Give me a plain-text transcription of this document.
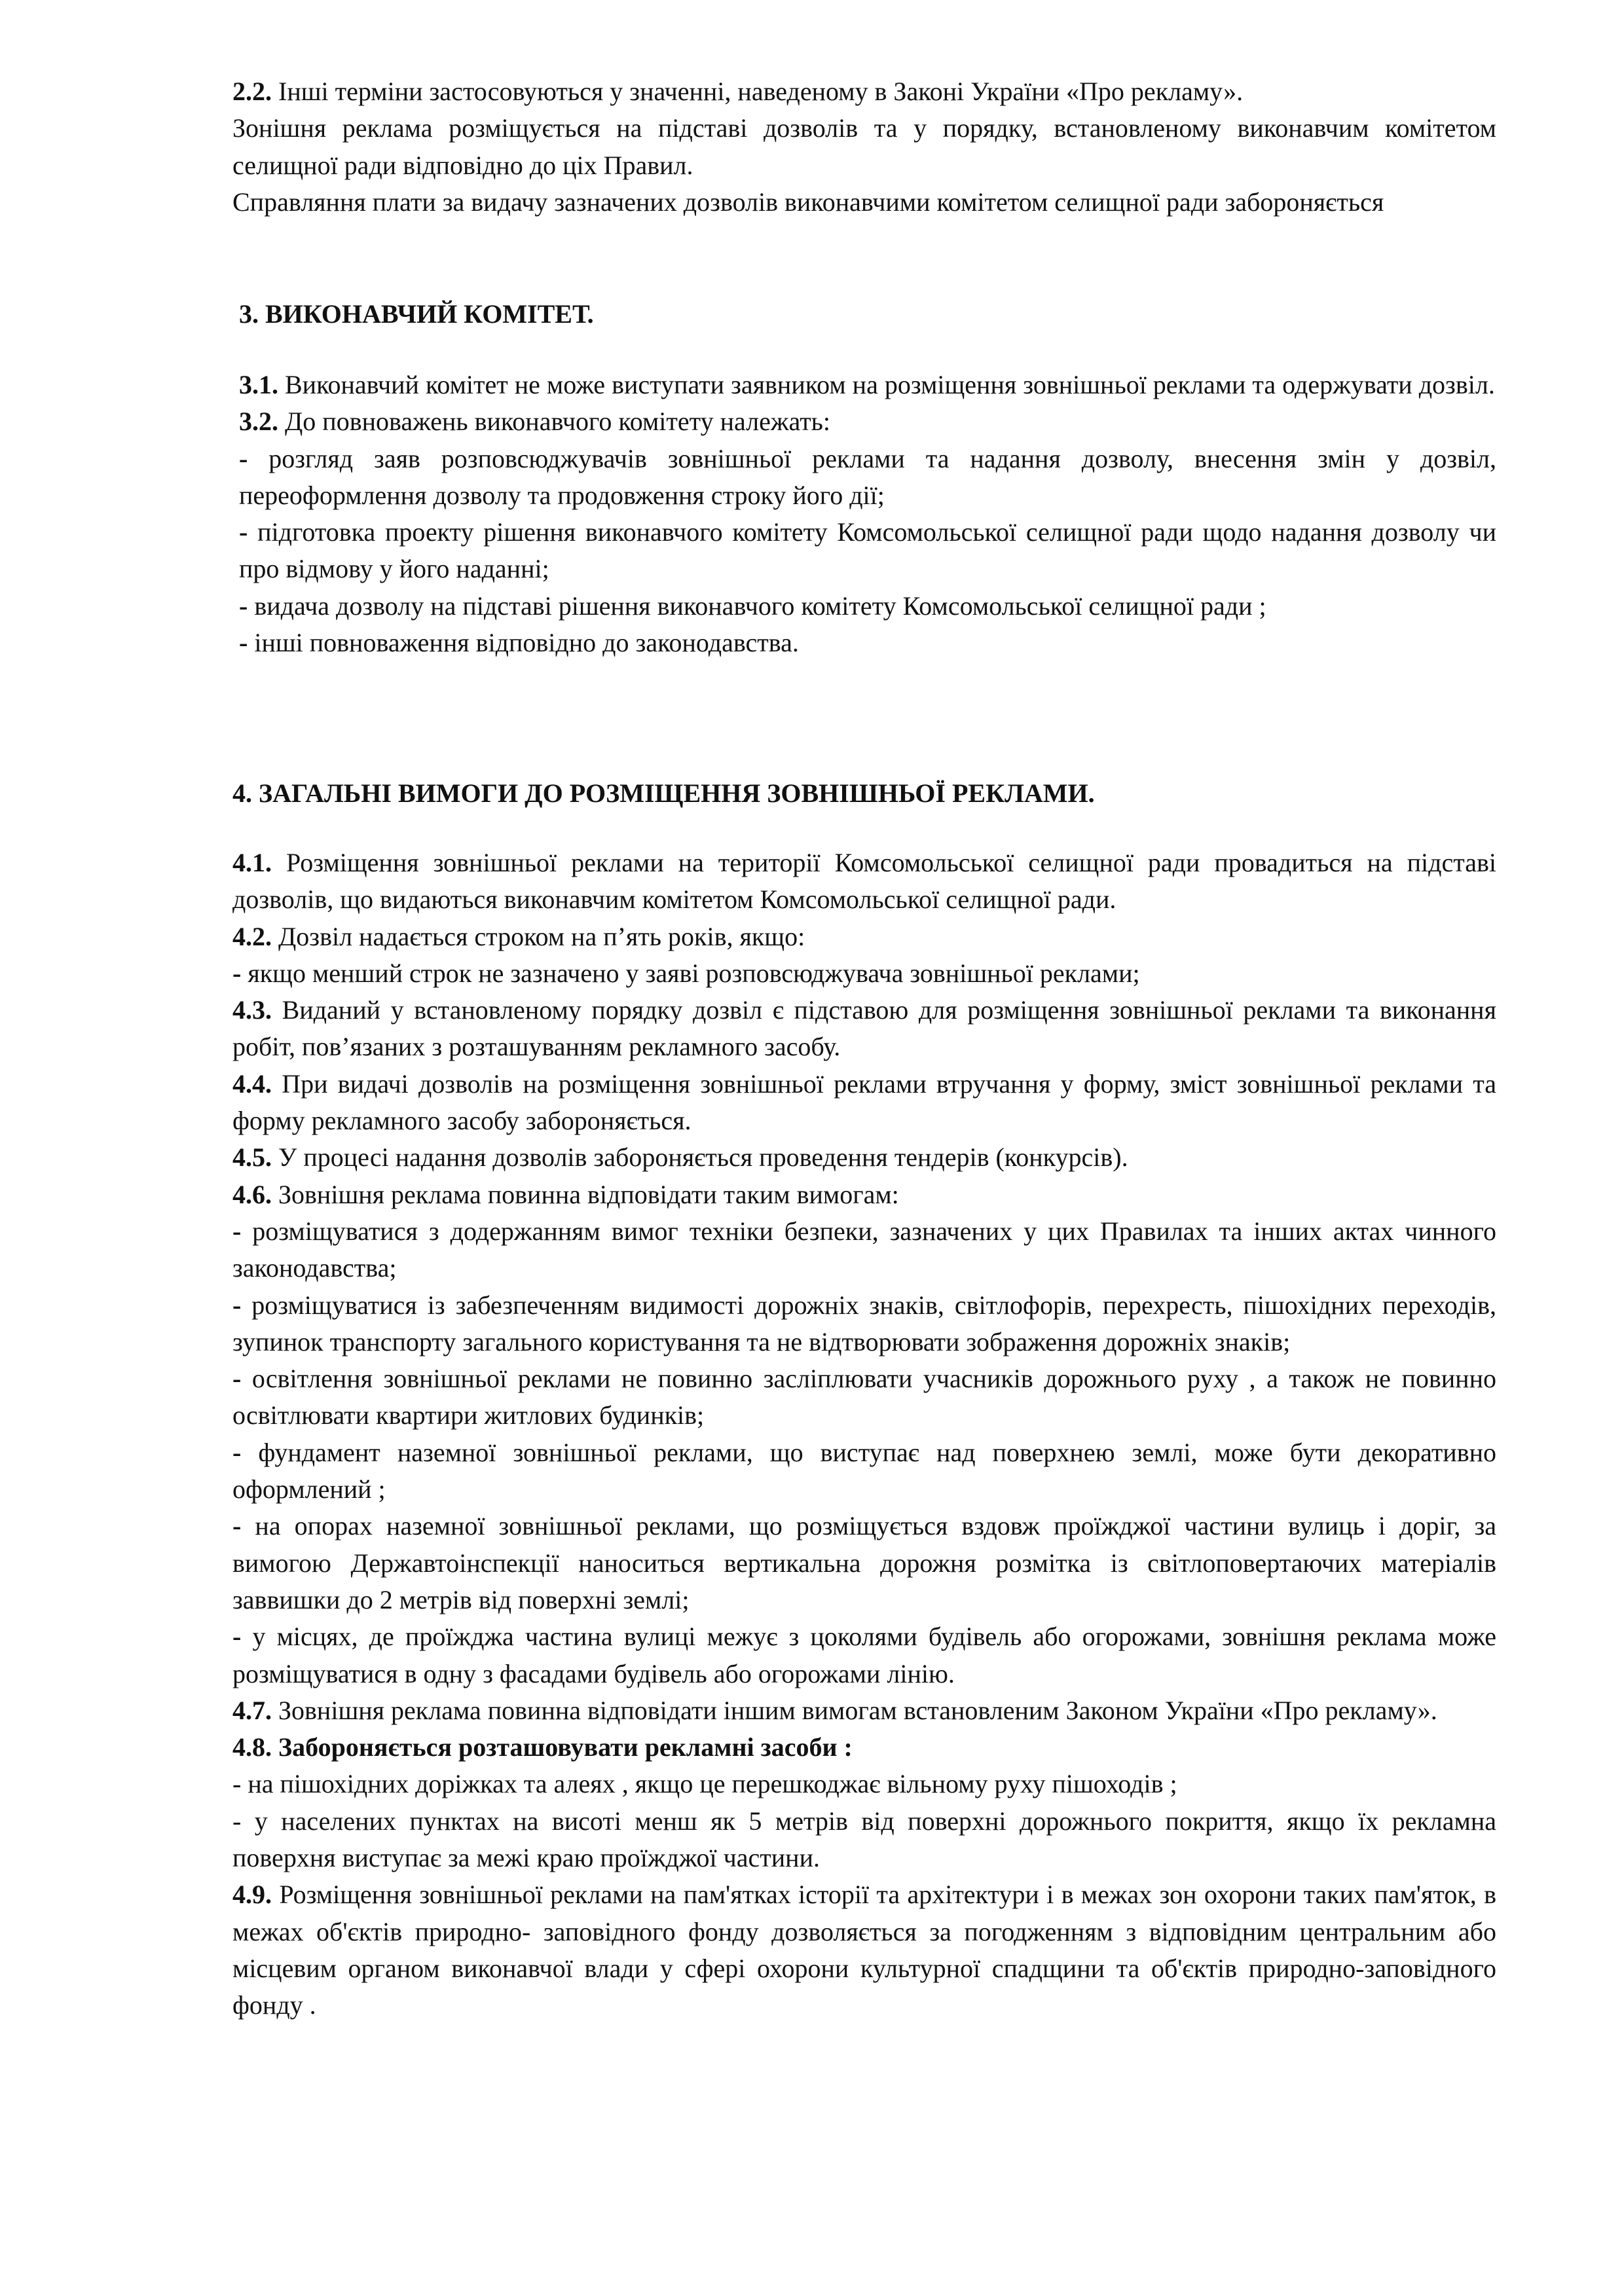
2.2. Інші терміни застосовуються у значенні, наведеному в Законі України «Про рекламу».

Зонішня реклама розміщується на підставі дозволів та у порядку, встановленому виконавчим комітетом селищної ради відповідно до ціх Правил.

Справляння плати за видачу зазначених дозволів виконавчими комітетом селищної ради забороняється

3. ВИКОНАВЧИЙ КОМІТЕТ.

3.1. Виконавчий комітет не може виступати заявником на розміщення зовнішньої реклами та одержувати дозвіл.

3.2. До повноважень виконавчого комітету належать:

- розгляд заяв розповсюджувачів зовнішньої реклами та надання дозволу, внесення змін у дозвіл, переоформлення дозволу та продовження строку його дії;

- підготовка проекту рішення виконавчого комітету Комсомольської селищної ради щодо надання дозволу чи про відмову у його наданні;

- видача дозволу на підставі рішення виконавчого комітету Комсомольської селищної ради ;

- інші повноваження відповідно до законодавства.

4. ЗАГАЛЬНІ ВИМОГИ ДО РОЗМІЩЕННЯ ЗОВНІШНЬОЇ РЕКЛАМИ.

4.1. Розміщення зовнішньої реклами на території Комсомольської селищної ради провадиться на підставі дозволів, що видаються виконавчим комітетом Комсомольської селищної ради.

4.2. Дозвіл надається строком на п’ять років, якщо:

- якщо менший строк не зазначено у заяві розповсюджувача зовнішньої реклами;

4.3. Виданий у встановленому порядку дозвіл є підставою для розміщення зовнішньої реклами та виконання робіт, пов’язаних з розташуванням рекламного засобу.

4.4. При видачі дозволів на розміщення зовнішньої реклами втручання у форму, зміст зовнішньої реклами та форму рекламного засобу забороняється.

4.5. У процесі надання дозволів забороняється проведення тендерів (конкурсів).

4.6. Зовнішня реклама повинна відповідати таким вимогам:

- розміщуватися з додержанням вимог техніки безпеки, зазначених у цих Правилах та інших актах чинного законодавства;

- розміщуватися із забезпеченням видимості дорожніх знаків, світлофорів, перехресть, пішохідних переходів, зупинок транспорту загального користування та не відтворювати зображення дорожніх знаків;

- освітлення зовнішньої реклами не повинно засліплювати учасників дорожнього руху , а також не повинно освітлювати квартири житлових будинків;

- фундамент наземної зовнішньої реклами, що виступає над поверхнею землі, може бути декоративно оформлений ;

- на опорах наземної зовнішньої реклами, що розміщується вздовж проїжджої частини вулиць і доріг, за вимогою Державтоінспекції наноситься вертикальна дорожня розмітка із світлоповертаючих матеріалів заввишки до 2 метрів від поверхні землі;

- у місцях, де проїжджа частина вулиці межує з цоколями будівель або огорожами, зовнішня реклама може розміщуватися в одну з фасадами будівель або огорожами лінію.

4.7. Зовнішня реклама повинна відповідати іншим вимогам встановленим Законом України «Про рекламу».

4.8. Забороняється розташовувати рекламні засоби :

- на пішохідних доріжках та алеях , якщо це перешкоджає вільному руху пішоходів ;

- у населених пунктах на висоті менш як 5 метрів від поверхні дорожнього покриття, якщо їх рекламна поверхня виступає за межі краю проїжджої частини.

4.9. Розміщення зовнішньої реклами на пам'ятках історії та архітектури і в межах зон охорони таких пам'яток, в межах об'єктів природно- заповідного фонду дозволяється за погодженням з відповідним центральним або місцевим органом виконавчої влади у сфері охорони культурної спадщини та об'єктів природно-заповідного фонду .
